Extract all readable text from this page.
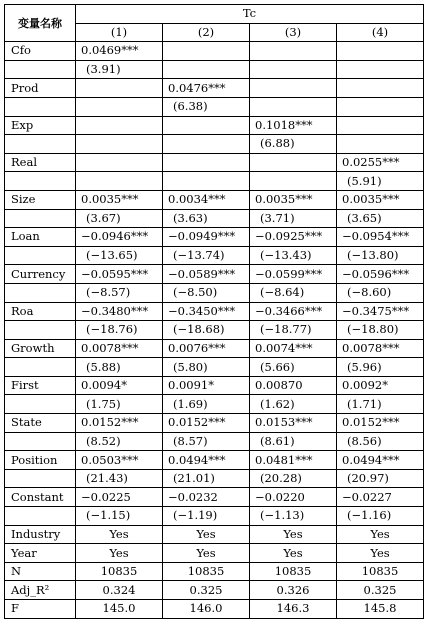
变量名称	Tc			
	(1)	(2)	(3)	(4)
Cfo	0.0469***			
	(3.91)			
Prod		0.0476***		
		(6.38)		
Exp			0.1018***	
			(6.88)	
Real				0.0255***
				(5.91)
Size	0.0035***	0.0034***	0.0035***	0.0035***
	(3.67)	(3.63)	(3.71)	(3.65)
Loan	−0.0946***	−0.0949***	−0.0925***	−0.0954***
	(−13.65)	(−13.74)	(−13.43)	(−13.80)
Currency	−0.0595***	−0.0589***	−0.0599***	−0.0596***
	(−8.57)	(−8.50)	(−8.64)	(−8.60)
Roa	−0.3480***	−0.3450***	−0.3466***	−0.3475***
	(−18.76)	(−18.68)	(−18.77)	(−18.80)
Growth	0.0078***	0.0076***	0.0074***	0.0078***
	(5.88)	(5.80)	(5.66)	(5.96)
First	0.0094*	0.0091*	0.00870	0.0092*
	(1.75)	(1.69)	(1.62)	(1.71)
State	0.0152***	0.0152***	0.0153***	0.0152***
	(8.52)	(8.57)	(8.61)	(8.56)
Position	0.0503***	0.0494***	0.0481***	0.0494***
	(21.43)	(21.01)	(20.28)	(20.97)
Constant	−0.0225	−0.0232	−0.0220	−0.0227
	(−1.15)	(−1.19)	(−1.13)	(−1.16)
Industry	Yes	Yes	Yes	Yes
Year	Yes	Yes	Yes	Yes
N	10835	10835	10835	10835
Adj_R²	0.324	0.325	0.326	0.325
F	145.0	146.0	146.3	145.8
